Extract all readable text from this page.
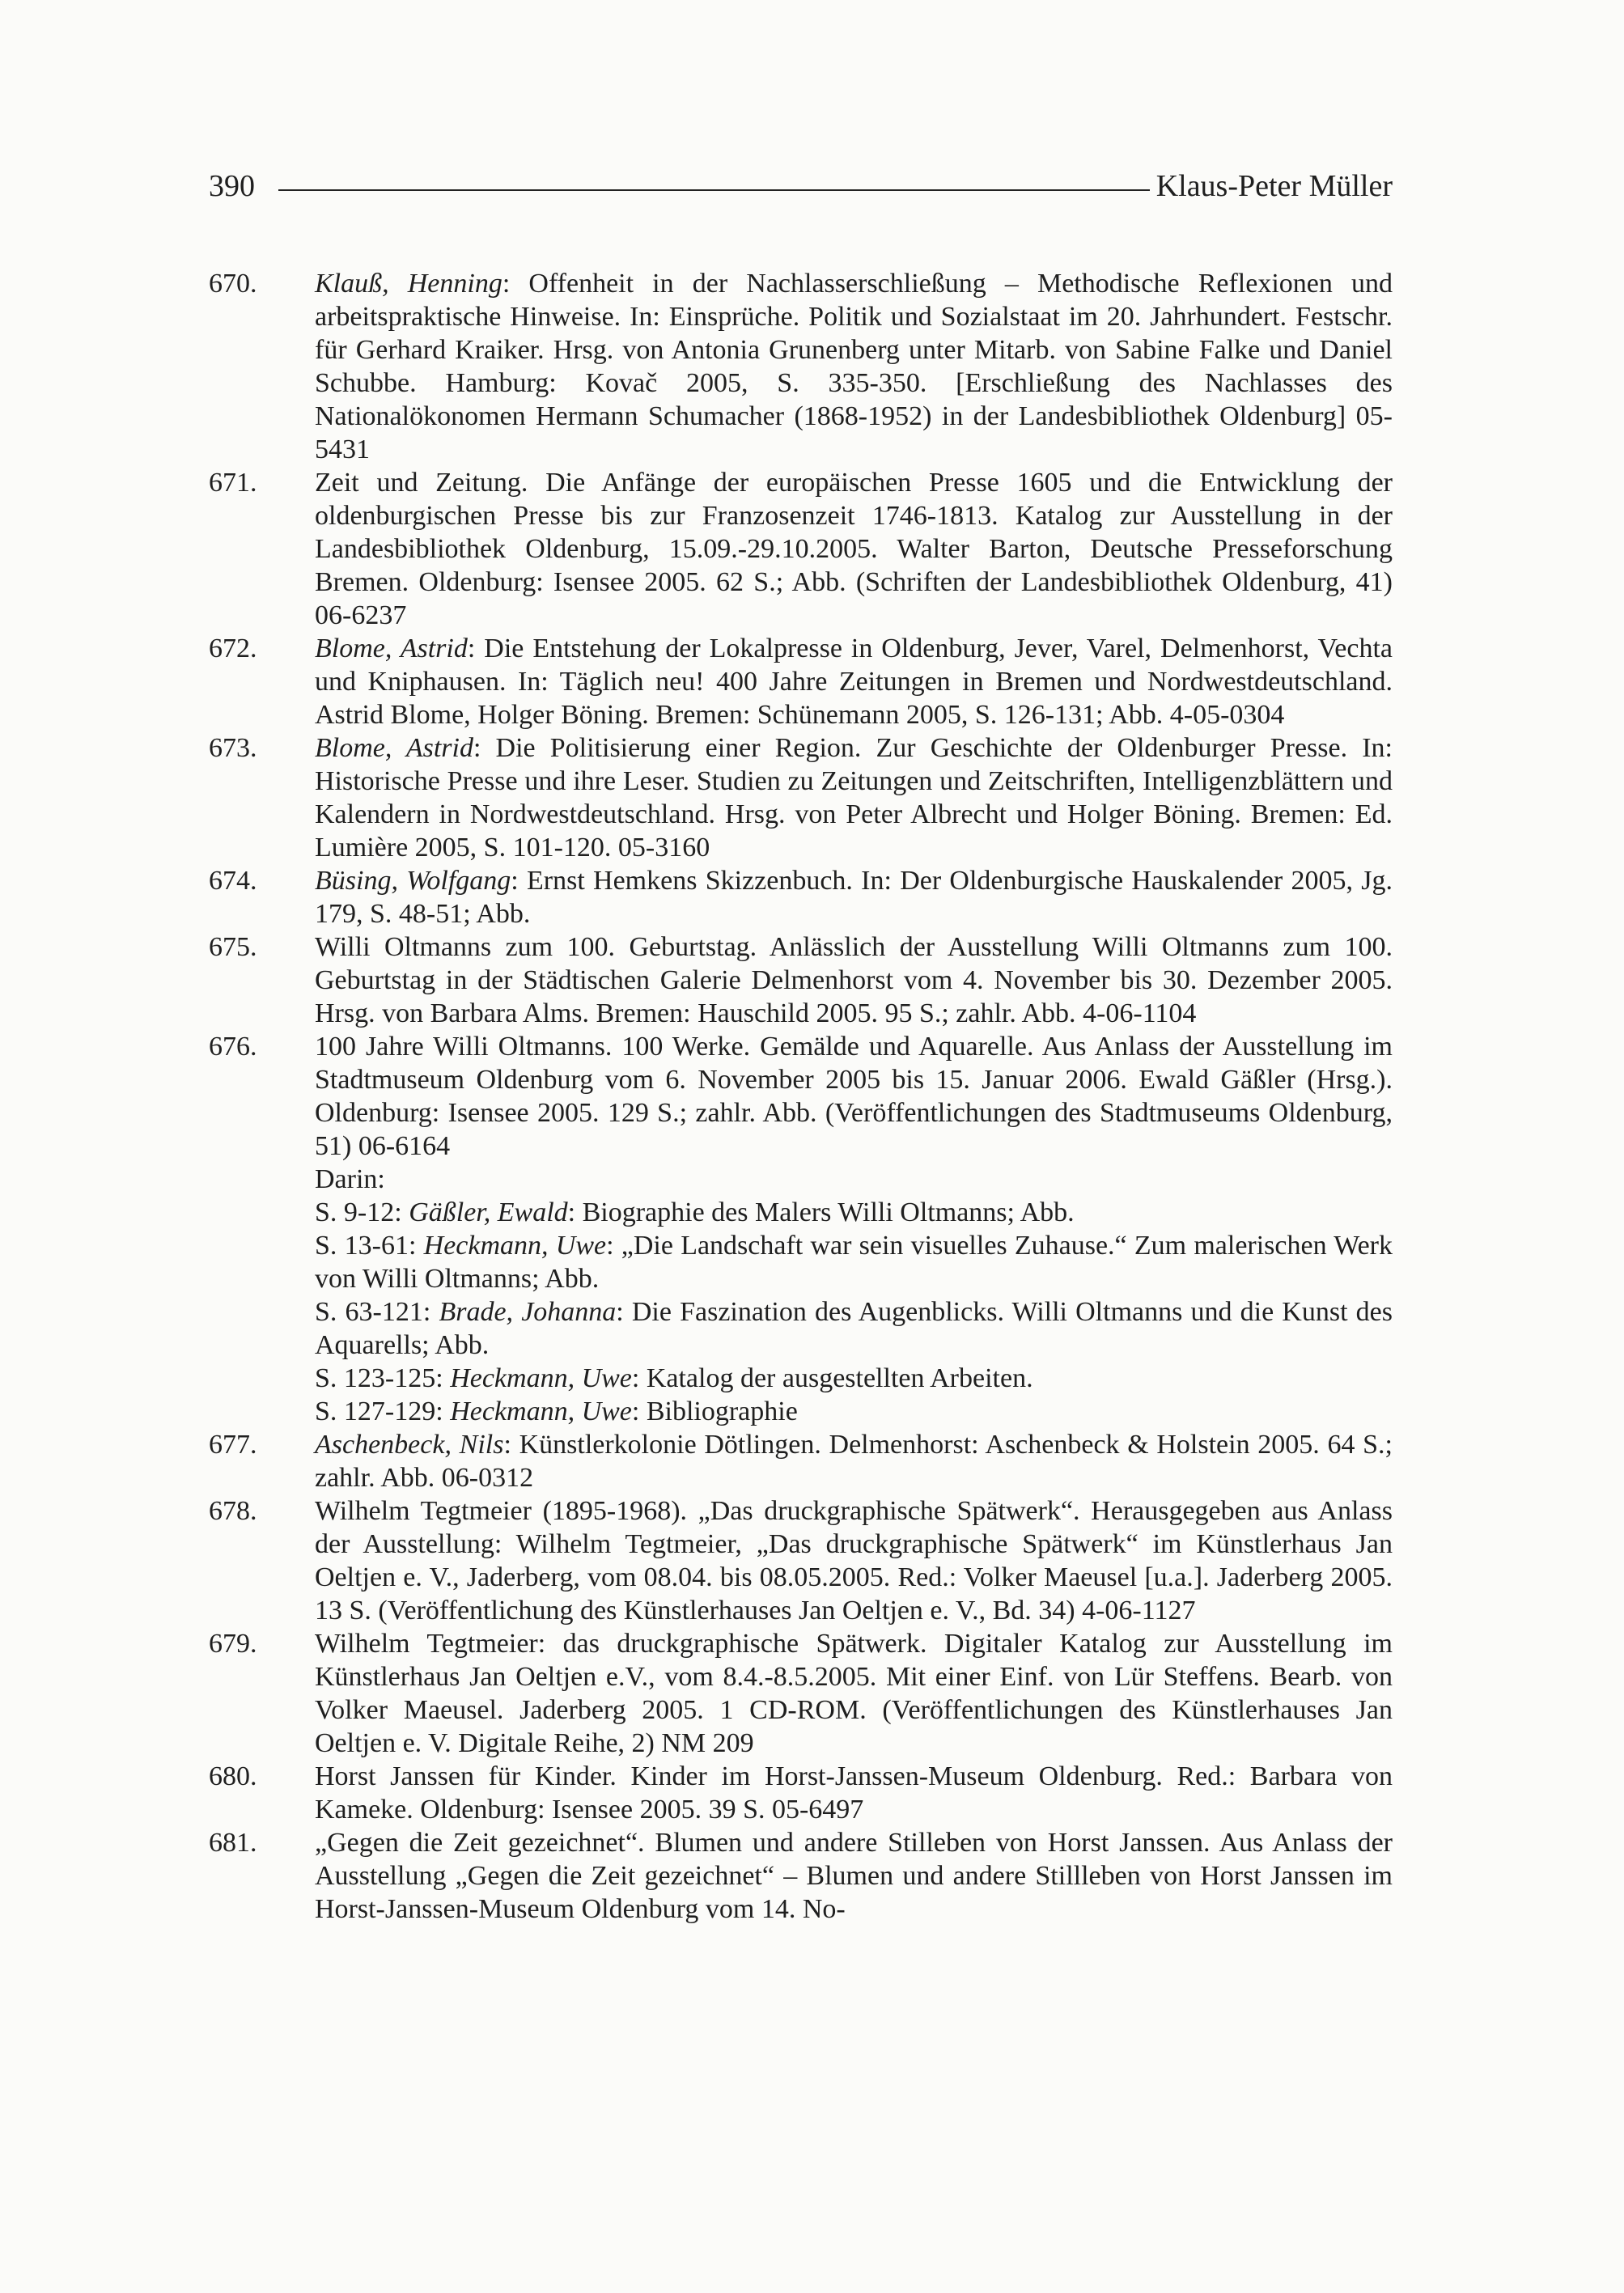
390	Klaus-Peter Müller
670.	Klauß, Henning: Offenheit in der Nachlasserschließung – Methodische Reflexionen und arbeitspraktische Hinweise. In: Einsprüche. Politik und Sozialstaat im 20. Jahrhundert. Festschr. für Gerhard Kraiker. Hrsg. von Antonia Grunenberg unter Mitarb. von Sabine Falke und Daniel Schubbe. Hamburg: Kovač 2005, S. 335-350. [Erschließung des Nachlasses des Nationalökonomen Hermann Schumacher (1868-1952) in der Landesbibliothek Oldenburg] 05-5431
671.	Zeit und Zeitung. Die Anfänge der europäischen Presse 1605 und die Entwicklung der oldenburgischen Presse bis zur Franzosenzeit 1746-1813. Katalog zur Ausstellung in der Landesbibliothek Oldenburg, 15.09.-29.10.2005. Walter Barton, Deutsche Presseforschung Bremen. Oldenburg: Isensee 2005. 62 S.; Abb. (Schriften der Landesbibliothek Oldenburg, 41) 06-6237
672.	Blome, Astrid: Die Entstehung der Lokalpresse in Oldenburg, Jever, Varel, Delmenhorst, Vechta und Kniphausen. In: Täglich neu! 400 Jahre Zeitungen in Bremen und Nordwestdeutschland. Astrid Blome, Holger Böning. Bremen: Schünemann 2005, S. 126-131; Abb. 4-05-0304
673.	Blome, Astrid: Die Politisierung einer Region. Zur Geschichte der Oldenburger Presse. In: Historische Presse und ihre Leser. Studien zu Zeitungen und Zeitschriften, Intelligenzblättern und Kalendern in Nordwestdeutschland. Hrsg. von Peter Albrecht und Holger Böning. Bremen: Ed. Lumière 2005, S. 101-120. 05-3160
674.	Büsing, Wolfgang: Ernst Hemkens Skizzenbuch. In: Der Oldenburgische Hauskalender 2005, Jg. 179, S. 48-51; Abb.
675.	Willi Oltmanns zum 100. Geburtstag. Anlässlich der Ausstellung Willi Oltmanns zum 100. Geburtstag in der Städtischen Galerie Delmenhorst vom 4. November bis 30. Dezember 2005. Hrsg. von Barbara Alms. Bremen: Hauschild 2005. 95 S.; zahlr. Abb. 4-06-1104
676.	100 Jahre Willi Oltmanns. 100 Werke. Gemälde und Aquarelle. Aus Anlass der Ausstellung im Stadtmuseum Oldenburg vom 6. November 2005 bis 15. Januar 2006. Ewald Gäßler (Hrsg.). Oldenburg: Isensee 2005. 129 S.; zahlr. Abb. (Veröffentlichungen des Stadtmuseums Oldenburg, 51) 06-6164
Darin:
S. 9-12: Gäßler, Ewald: Biographie des Malers Willi Oltmanns; Abb.
S. 13-61: Heckmann, Uwe: „Die Landschaft war sein visuelles Zuhause.“ Zum malerischen Werk von Willi Oltmanns; Abb.
S. 63-121: Brade, Johanna: Die Faszination des Augenblicks. Willi Oltmanns und die Kunst des Aquarells; Abb.
S. 123-125: Heckmann, Uwe: Katalog der ausgestellten Arbeiten.
S. 127-129: Heckmann, Uwe: Bibliographie
677.	Aschenbeck, Nils: Künstlerkolonie Dötlingen. Delmenhorst: Aschenbeck & Holstein 2005. 64 S.; zahlr. Abb. 06-0312
678.	Wilhelm Tegtmeier (1895-1968). „Das druckgraphische Spätwerk“. Herausgegeben aus Anlass der Ausstellung: Wilhelm Tegtmeier, „Das druckgraphische Spätwerk“ im Künstlerhaus Jan Oeltjen e. V., Jaderberg, vom 08.04. bis 08.05.2005. Red.: Volker Maeusel [u.a.]. Jaderberg 2005. 13 S. (Veröffentlichung des Künstlerhauses Jan Oeltjen e. V., Bd. 34) 4-06-1127
679.	Wilhelm Tegtmeier: das druckgraphische Spätwerk. Digitaler Katalog zur Ausstellung im Künstlerhaus Jan Oeltjen e.V., vom 8.4.-8.5.2005. Mit einer Einf. von Lür Steffens. Bearb. von Volker Maeusel. Jaderberg 2005. 1 CD-ROM. (Veröffentlichungen des Künstlerhauses Jan Oeltjen e. V. Digitale Reihe, 2) NM 209
680.	Horst Janssen für Kinder. Kinder im Horst-Janssen-Museum Oldenburg. Red.: Barbara von Kameke. Oldenburg: Isensee 2005. 39 S. 05-6497
681.	„Gegen die Zeit gezeichnet“. Blumen und andere Stilleben von Horst Janssen. Aus Anlass der Ausstellung „Gegen die Zeit gezeichnet“ – Blumen und andere Stillleben von Horst Janssen im Horst-Janssen-Museum Oldenburg vom 14. No-
